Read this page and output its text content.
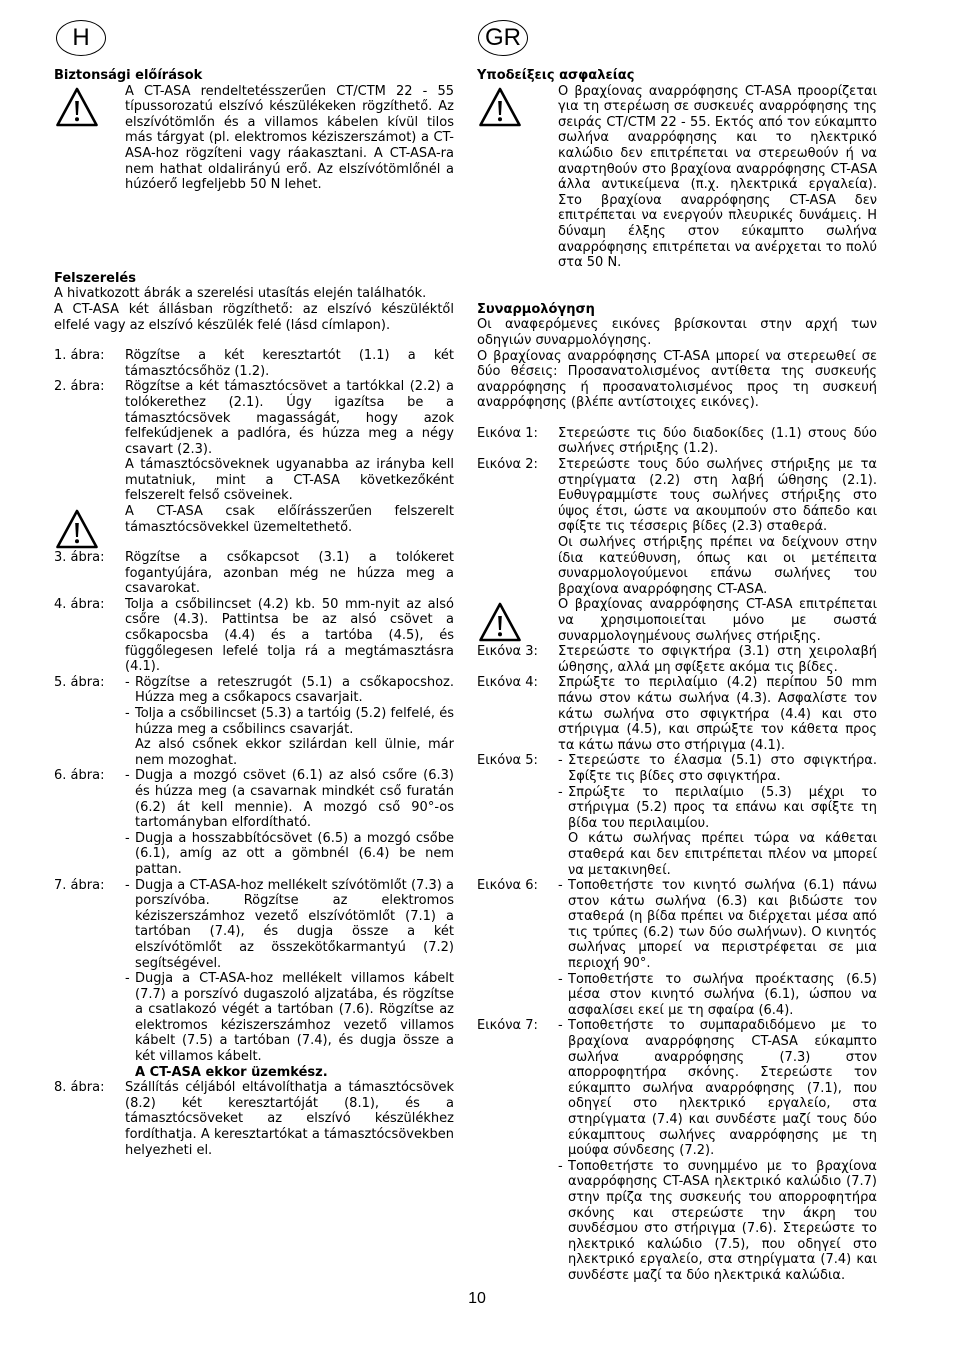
H

Biztonsági előírások

A CT-ASA rendeltetésszerűen CT/CTM 22 - 55 típussorozatú elszívó készülékeken rögzíthető. Az elszívótömlőn és a villamos kábelen kívül tilos más tárgyat (pl. elektromos kéziszerszámot) a CT-ASA-hoz rögzíteni vagy ráakasztani. A CT-ASA-ra nem hathat oldalirányú erő. Az elszívótömlőnél a húzóerő legfeljebb 50 N lehet.

Felszerelés

A hivatkozott ábrák a szerelési utasítás elején találhatók.

A CT-ASA két állásban rögzíthető: az elszívó készüléktől elfelé vagy az elszívó készülék felé (lásd címlapon).

1. ábra:	Rögzítse a két keresztartót (1.1) a két támasztócsőhöz (1.2).

2. ábra:	Rögzítse a két támasztócsövet a tartókkal (2.2) a tolókerethez (2.1). Úgy igazítsa be a támasztócsövek magasságát, hogy azok felfekúdjenek a padlóra, és húzza meg a négy csavart (2.3).

A támasztócsöveknek ugyanabba az irányba kell mutatniuk, mint a CT-ASA következőként felszerelt felső csöveinek.

A CT-ASA csak előírásszerűen felszerelt támasztócsövekkel üzemeltethető.

3. ábra:	Rögzítse a csőkapcsot (3.1) a tolókeret fogantyújára, azonban még ne húzza meg a csavarokat.

4. ábra:	Tolja a csőbilincset (4.2) kb. 50 mm-nyit az alsó csőre (4.3). Pattintsa be az alsó csövet a csőkapocsba (4.4) és a tartóba (4.5), és függőlegesen lefelé tolja rá a megtámasztásra (4.1).

5. ábra:	- Rögzítse a reteszrugót (5.1) a csőkapocshoz. Húzza meg a csőkapocs csavarjait.

- Tolja a csőbilincset (5.3) a tartóig (5.2) felfelé, és húzza meg a csőbilincs csavarját.

Az alsó csőnek ekkor szilárdan kell ülnie, már nem mozoghat.

6. ábra:	- Dugja a mozgó csövet (6.1) az alsó csőre (6.3) és húzza meg (a csavarnak mindkét cső furatán (6.2) át kell mennie). A mozgó cső 90°-os tartományban elfordítható.

- Dugja a hosszabbítócsövet (6.5) a mozgó csőbe (6.1), amíg az ott a gömbnél (6.4) be nem pattan.

7. ábra:	- Dugja a CT-ASA-hoz mellékelt szívótömlőt (7.3) a porszívóba. Rögzítse az elektromos kéziszerszámhoz vezető elszívótömlőt (7.1) a tartóban (7.4), és dugja össze a két elszívótömlőt az összekötőkarmantyú (7.2) segítségével.

- Dugja a CT-ASA-hoz mellékelt villamos kábelt (7.7) a porszívó dugaszoló aljzatába, és rögzítse a csatlakozó végét a tartóban (7.6). Rögzítse az elektromos kéziszerszámhoz vezető villamos kábelt (7.5) a tartóban (7.4), és dugja össze a két villamos kábelt.

A CT-ASA ekkor üzemkész.

8. ábra:	Szállítás céljából eltávolíthatja a támasztócsövek (8.2) két keresztartóját (8.1), és a támasztócsöveket az elszívó készülékhez fordíthatja. A keresztartókat a támasztócsövekben helyezheti el.

GR

Υποδείξεις ασφαλείας

Ο βραχίονας αναρρόφησης CT-ASA προορίζεται για τη στερέωση σε συσκευές αναρρόφησης της σειράς CT/CTM 22 - 55. Εκτός από τον εύκαμπτο σωλήνα αναρρόφησης και το ηλεκτρικό καλώδιο δεν επιτρέπεται να στερεωθούν ή να αναρτηθούν στο βραχίονα αναρρόφησης CT-ASA άλλα αντικείμενα (π.χ. ηλεκτρικά εργαλεία). Στο βραχίονα αναρρόφησης CT-ASA δεν επιτρέπεται να ενεργούν πλευρικές δυνάμεις. Η δύναμη έλξης στον εύκαμπτο σωλήνα αναρρόφησης επιτρέπεται να ανέρχεται το πολύ στα 50 N.

Συναρμολόγηση

Οι αναφερόμενες εικόνες βρίσκονται στην αρχή των οδηγιών συναρμολόγησης.

Ο βραχίονας αναρρόφησης CT-ASA μπορεί να στερεωθεί σε δύο θέσεις: Προσανατολισμένος αντίθετα της συσκευής αναρρόφησης ή προσανατολισμένος προς τη συσκευή αναρρόφησης (βλέπε αντίστοιχες εικόνες).

Εικόνα 1:	Στερεώστε τις δύο διαδοκίδες (1.1) στους δύο σωλήνες στήριξης (1.2).

Εικόνα 2:	Στερεώστε τους δύο σωλήνες στήριξης με τα στηρίγματα (2.2) στη λαβή ώθησης (2.1). Ευθυγραμμίστε τους σωλήνες στήριξης στο ύψος έτσι, ώστε να ακουμπούν στο δάπεδο και σφίξτε τις τέσσερις βίδες (2.3) σταθερά.

Οι σωλήνες στήριξης πρέπει να δείχνουν στην ίδια κατεύθυνση, όπως και οι μετέπειτα συναρμολογούμενοι επάνω σωλήνες του βραχίονα αναρρόφησης CT-ASA.

Ο βραχίονας αναρρόφησης CT-ASA επιτρέπεται να χρησιμοποιείται μόνο με σωστά συναρμολογημένους σωλήνες στήριξης.

Εικόνα 3:	Στερεώστε το σφιγκτήρα (3.1) στη χειρολαβή ώθησης, αλλά μη σφίξετε ακόμα τις βίδες.

Εικόνα 4:	Σπρώξτε το περιλαίμιο (4.2) περίπου 50 mm πάνω στον κάτω σωλήνα (4.3). Ασφαλίστε τον κάτω σωλήνα στο σφιγκτήρα (4.4) και στο στήριγμα (4.5), και σπρώξτε τον κάθετα προς τα κάτω πάνω στο στήριγμα (4.1).

Εικόνα 5:	- Στερεώστε το έλασμα (5.1) στο σφιγκτήρα. Σφίξτε τις βίδες στο σφιγκτήρα.

- Σπρώξτε το περιλαίμιο (5.3) μέχρι το στήριγμα (5.2) προς τα επάνω και σφίξτε τη βίδα του περιλαιμίου.

Ο κάτω σωλήνας πρέπει τώρα να κάθεται σταθερά και δεν επιτρέπεται πλέον να μπορεί να μετακινηθεί.

Εικόνα 6:	- Τοποθετήστε τον κινητό σωλήνα (6.1) πάνω στον κάτω σωλήνα (6.3) και βιδώστε τον σταθερά (η βίδα πρέπει να διέρχεται μέσα από τις τρύπες (6.2) των δύο σωλήνων). Ο κινητός σωλήνας μπορεί να περιστρέφεται σε μια περιοχή 90°.

- Τοποθετήστε το σωλήνα προέκτασης (6.5) μέσα στον κινητό σωλήνα (6.1), ώσπου να ασφαλίσει εκεί με τη σφαίρα (6.4).

Εικόνα 7:	- Τοποθετήστε το συμπαραδιδόμενο με το βραχίονα αναρρόφησης CT-ASA εύκαμπτο σωλήνα αναρρόφησης (7.3) στον απορροφητήρα σκόνης. Στερεώστε τον εύκαμπτο σωλήνα αναρρόφησης (7.1), που οδηγεί στο ηλεκτρικό εργαλείο, στα στηρίγματα (7.4) και συνδέστε μαζί τους δύο εύκαμπτους σωλήνες αναρρόφησης με τη μούφα σύνδεσης (7.2).

- Τοποθετήστε το συνημμένο με το βραχίονα αναρρόφησης CT-ASA ηλεκτρικό καλώδιο (7.7) στην πρίζα της συσκευής του απορροφητήρα σκόνης και στερεώστε την άκρη του συνδέσμου στο στήριγμα (7.6). Στερεώστε το ηλεκτρικό καλώδιο (7.5), που οδηγεί στο ηλεκτρικό εργαλείο, στα στηρίγματα (7.4) και συνδέστε μαζί τα δύο ηλεκτρικά καλώδια.

10
